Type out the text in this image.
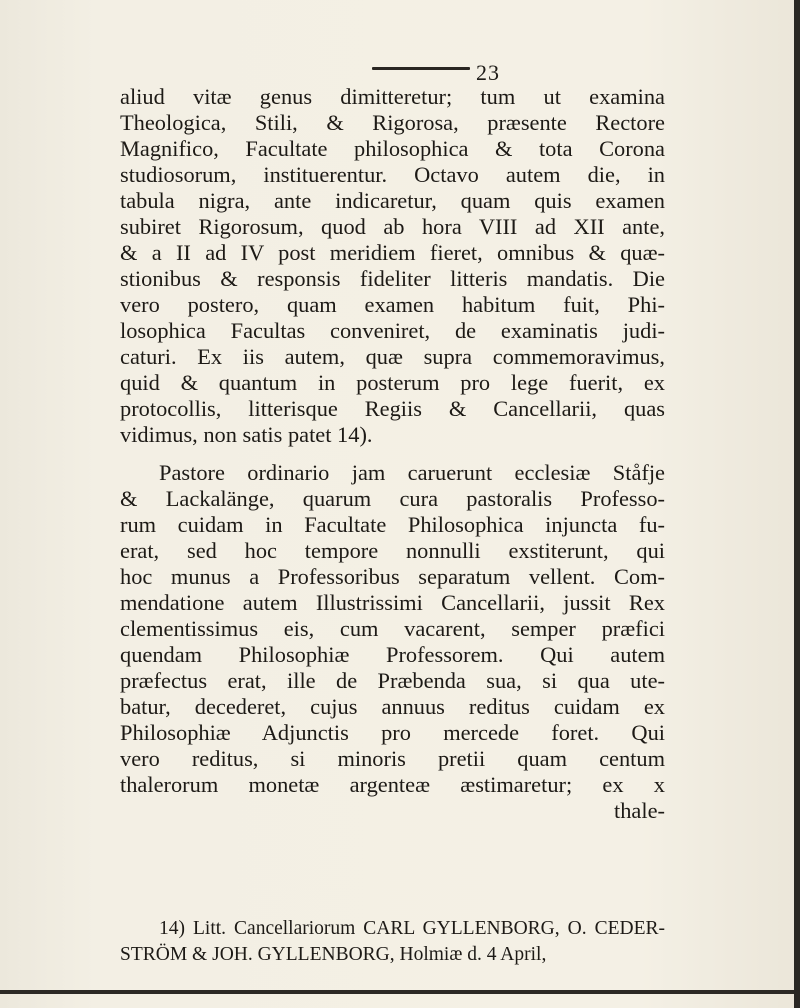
23
aliud vitæ genus dimitteretur; tum ut examina
Theologica, Stili, & Rigorosa, præsente Rectore
Magnifico, Facultate philosophica & tota Corona
studiosorum, instituerentur. Octavo autem die, in
tabula nigra, ante indicaretur, quam quis examen
subiret Rigorosum, quod ab hora VIII ad XII ante,
& a II ad IV post meridiem fieret, omnibus & quæ-
stionibus & responsis fideliter litteris mandatis. Die
vero postero, quam examen habitum fuit, Phi-
losophica Facultas conveniret, de examinatis judi-
caturi. Ex iis autem, quæ supra commemoravimus,
quid & quantum in posterum pro lege fuerit, ex
protocollis, litterisque Regiis & Cancellarii, quas
vidimus, non satis patet 14).
Pastore ordinario jam caruerunt ecclesiæ Ståfje
& Lackalänge, quarum cura pastoralis Professo-
rum cuidam in Facultate Philosophica injuncta fu-
erat, sed hoc tempore nonnulli exstiterunt, qui
hoc munus a Professoribus separatum vellent. Com-
mendatione autem Illustrissimi Cancellarii, jussit Rex
clementissimus eis, cum vacarent, semper præfici
quendam Philosophiæ Professorem. Qui autem
præfectus erat, ille de Præbenda sua, si qua ute-
batur, decederet, cujus annuus reditus cuidam ex
Philosophiæ Adjunctis pro mercede foret. Qui
vero reditus, si minoris pretii quam centum
thalerorum monetæ argenteæ æstimaretur; ex x
thale-
14) Litt. Cancellariorum CARL GYLLENBORG, O. CEDER-
STRÖM & JOH. GYLLENBORG, Holmiæ d. 4 April,
